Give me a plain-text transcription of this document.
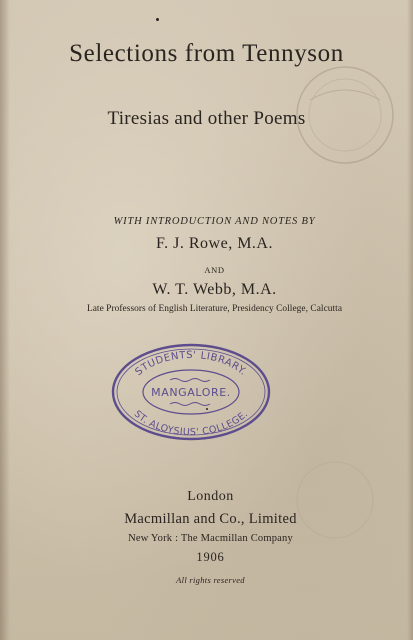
Selections from Tennyson
Tiresias and other Poems
WITH INTRODUCTION AND NOTES BY
F. J. Rowe, M.A.
AND
W. T. Webb, M.A.
Late Professors of English Literature, Presidency College, Calcutta
STUDENTS' LIBRARY.
ST. ALOYSIUS' COLLEGE.
MANGALORE.
London
Macmillan and Co., Limited
New York : The Macmillan Company
1906
All rights reserved
